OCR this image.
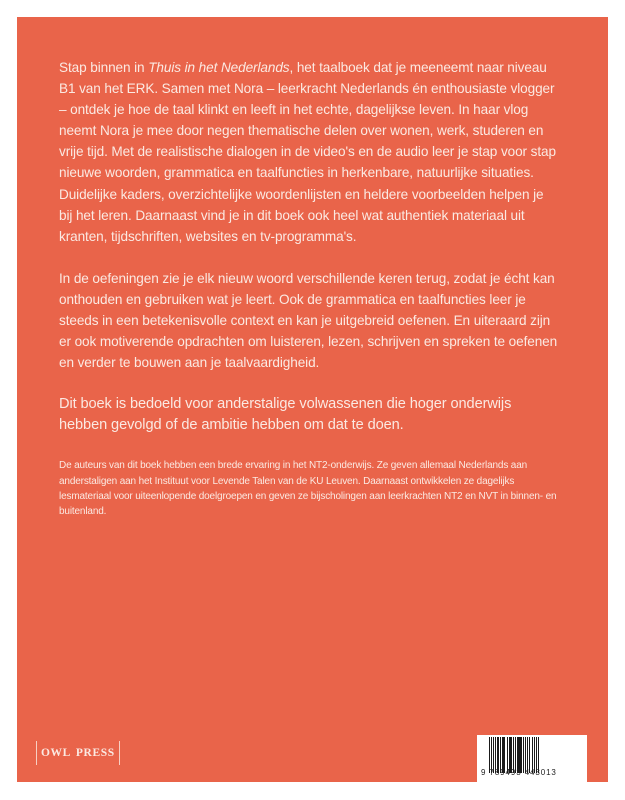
Stap binnen in Thuis in het Nederlands, het taalboek dat je meeneemt naar niveau B1 van het ERK. Samen met Nora – leerkracht Nederlands én enthousiaste vlogger – ontdek je hoe de taal klinkt en leeft in het echte, dagelijkse leven. In haar vlog neemt Nora je mee door negen thematische delen over wonen, werk, studeren en vrije tijd. Met de realistische dialogen in de video's en de audio leer je stap voor stap nieuwe woorden, grammatica en taalfuncties in herkenbare, natuurlijke situaties. Duidelijke kaders, overzichtelijke woordenlijsten en heldere voorbeelden helpen je bij het leren. Daarnaast vind je in dit boek ook heel wat authentiek materiaal uit kranten, tijdschriften, websites en tv-programma's.

In de oefeningen zie je elk nieuw woord verschillende keren terug, zodat je écht kan onthouden en gebruiken wat je leert. Ook de grammatica en taalfuncties leer je steeds in een betekenisvolle context en kan je uitgebreid oefenen. En uiteraard zijn er ook motiverende opdrachten om luisteren, lezen, schrijven en spreken te oefenen en verder te bouwen aan je taalvaardigheid.

Dit boek is bedoeld voor anderstalige volwassenen die hoger onderwijs hebben gevolgd of de ambitie hebben om dat te doen.

De auteurs van dit boek hebben een brede ervaring in het NT2-onderwijs. Ze geven allemaal Nederlands aan anderstaligen aan het Instituut voor Levende Talen van de KU Leuven. Daarnaast ontwikkelen ze dagelijks lesmateriaal voor uiteenlopende doelgroepen en geven ze bijscholingen aan leerkrachten NT2 en NVT in binnen- en buitenland.

OWL PRESS
9 789493 443013
